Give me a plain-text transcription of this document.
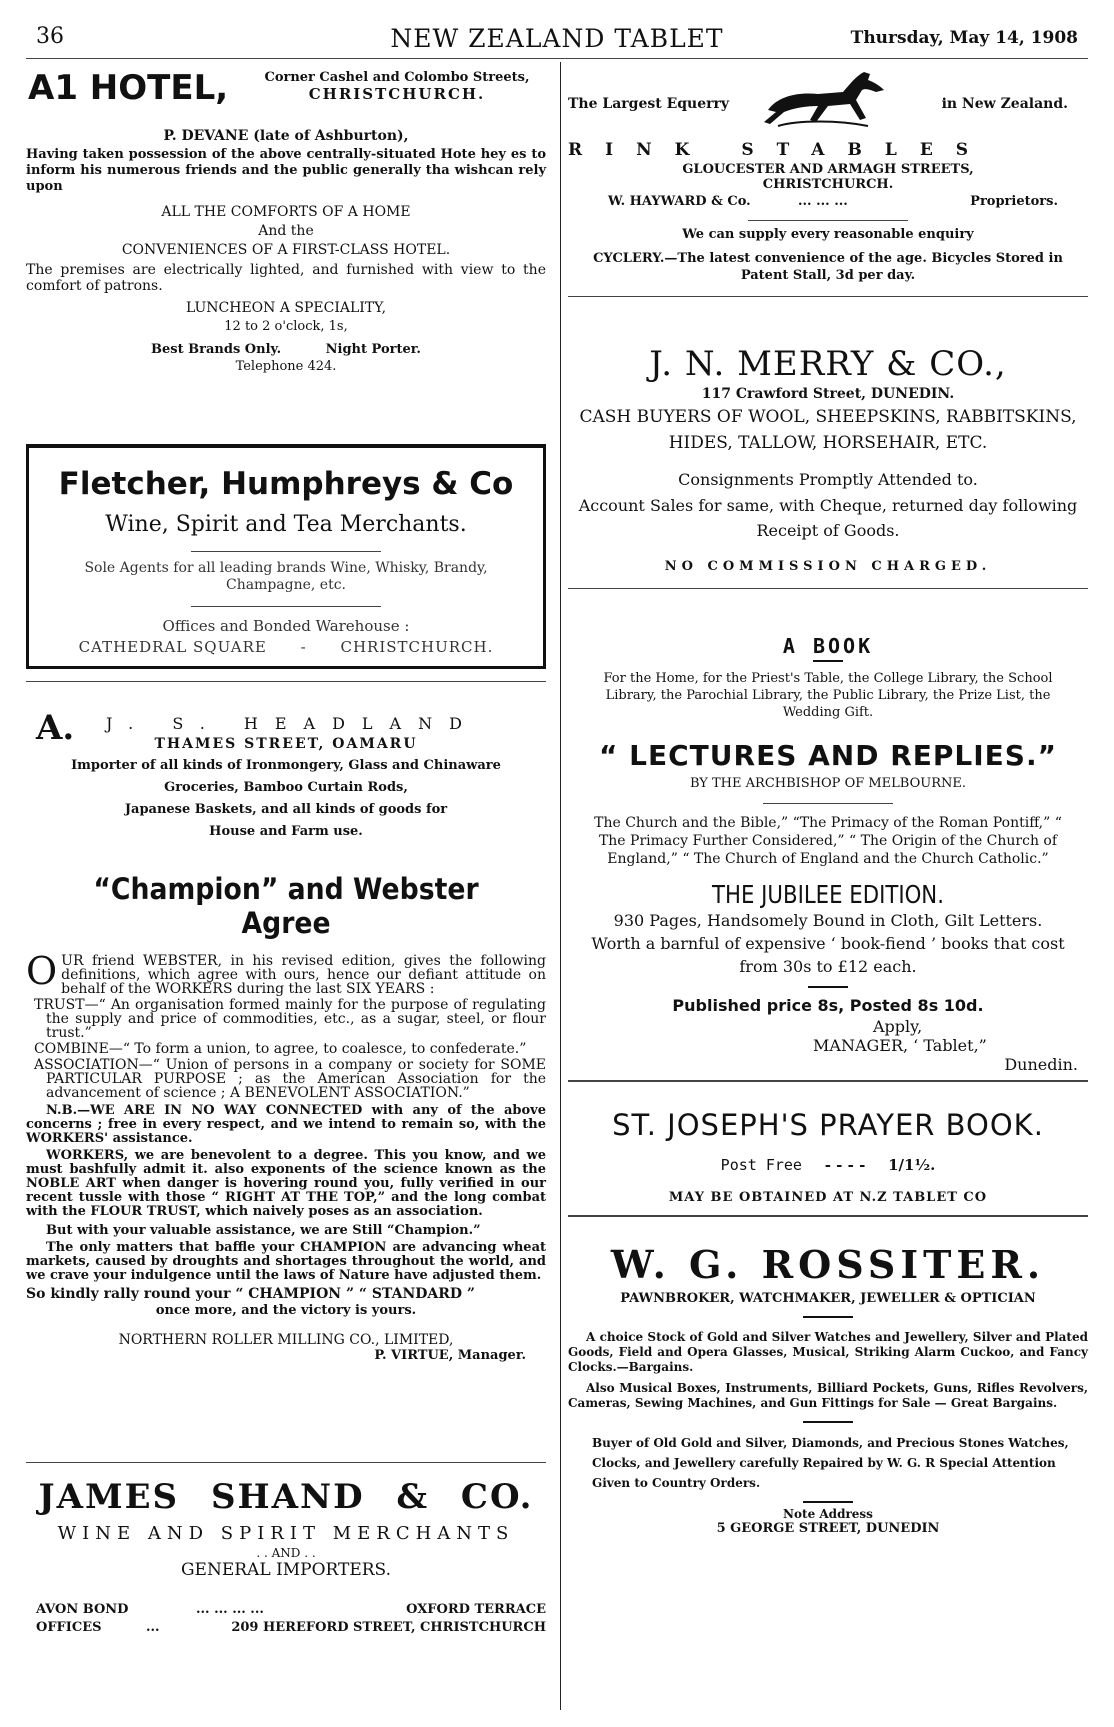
36	NEW ZEALAND TABLET	Thursday, May 14, 1908
A1 HOTEL,	Corner Cashel and Colombo Streets,
CHRISTCHURCH.
P. DEVANE (late of Ashburton),

Having taken possession of the above centrally-situated Hote hey es to inform his numerous friends and the public generally tha wishcan rely upon

ALL THE COMFORTS OF A HOME
And the
CONVENIENCES OF A FIRST-CLASS HOTEL.

The premises are electrically lighted, and furnished with view to the comfort of patrons.

LUNCHEON A SPECIALITY,
12 to 2 o'clock, 1s,
Best Brands Only.	Night Porter.
Telephone 424.
Fletcher, Humphreys & Co
Wine, Spirit and Tea Merchants.
Sole Agents for all leading brands Wine, Whisky, Brandy, Champagne, etc.
Offices and Bonded Warehouse :
CATHEDRAL SQUARE - CHRISTCHURCH.
A. J. S. HEADLAND
THAMES STREET, OAMARU
Importer of all kinds of Ironmongery, Glass and Chinaware
Groceries, Bamboo Curtain Rods,
Japanese Baskets, and all kinds of goods for
House and Farm use.
“Champion” and Webster Agree
O UR friend WEBSTER, in his revised edition, gives the following definitions, which agree with ours, hence our defiant attitude on behalf of the WORKERS during the last SIX YEARS :

TRUST—“ An organisation formed mainly for the purpose of regulating the supply and price of commodities, etc., as a sugar, steel, or flour trust.”

COMBINE—“ To form a union, to agree, to coalesce, to confederate.”

ASSOCIATION—“ Union of persons in a company or society for SOME PARTICULAR PURPOSE ; as the American Association for the advancement of science ; A BENEVOLENT ASSOCIATION.”

N.B.—WE ARE IN NO WAY CONNECTED with any of the above concerns ; free in every respect, and we intend to remain so, with the WORKERS' assistance.

WORKERS, we are benevolent to a degree. This you know, and we must bashfully admit it. also exponents of the science known as the NOBLE ART when danger is hovering round you, fully verified in our recent tussle with those “ RIGHT AT THE TOP,” and the long combat with the FLOUR TRUST, which naively poses as an association.

But with your valuable assistance, we are Still “Champion.”

The only matters that baffle your CHAMPION are advancing wheat markets, caused by droughts and shortages throughout the world, and we crave your indulgence until the laws of Nature have adjusted them.

So kindly rally round your “ CHAMPION ” “ STANDARD ”

once more, and the victory is yours.
NORTHERN ROLLER MILLING CO., LIMITED,
P. VIRTUE, Manager.
JAMES SHAND & CO.
WINE AND SPIRIT MERCHANTS
. . AND . .
GENERAL IMPORTERS.
AVON BOND	... ... ... ...	OXFORD TERRACE
OFFICES	...	209 HEREFORD STREET, CHRISTCHURCH
The Largest Equerry	in New Zealand.
RINK STABLES
GLOUCESTER AND ARMAGH STREETS,
CHRISTCHURCH.
W. HAYWARD & Co.	... ... ...	Proprietors.
We can supply every reasonable enquiry

CYCLERY.—The latest convenience of the age. Bicycles Stored in Patent Stall, 3d per day.

J. N. MERRY & CO.,
117 Crawford Street, DUNEDIN.
CASH BUYERS OF WOOL, SHEEPSKINS, RABBITSKINS, HIDES, TALLOW, HORSEHAIR, ETC.
Consignments Promptly Attended to.
Account Sales for same, with Cheque, returned day following Receipt of Goods.
NO COMMISSION CHARGED.
A BOOK
For the Home, for the Priest's Table, the College Library, the School Library, the Parochial Library, the Public Library, the Prize List, the Wedding Gift.
“ LECTURES AND REPLIES.”
BY THE ARCHBISHOP OF MELBOURNE.
The Church and the Bible,” “The Primacy of the Roman Pontiff,” “ The Primacy Further Considered,” “ The Origin of the Church of England,” “ The Church of England and the Church Catholic.”
THE JUBILEE EDITION.
930 Pages, Handsomely Bound in Cloth, Gilt Letters.
Worth a barnful of expensive ‘ book-fiend ’ books that cost from 30s to £12 each.
Published price 8s, Posted 8s 10d.
Apply,
MANAGER, ‘ Tablet,”
Dunedin.
ST. JOSEPH'S PRAYER BOOK.
Post Free - - - - 1/1½.
MAY BE OBTAINED AT N.Z TABLET CO
W. G. ROSSITER.
PAWNBROKER, WATCHMAKER, JEWELLER & OPTICIAN

A choice Stock of Gold and Silver Watches and Jewellery, Silver and Plated Goods, Field and Opera Glasses, Musical, Striking Alarm Cuckoo, and Fancy Clocks.—Bargains.

Also Musical Boxes, Instruments, Billiard Pockets, Guns, Rifles Revolvers, Cameras, Sewing Machines, and Gun Fittings for Sale — Great Bargains.

Buyer of Old Gold and Silver, Diamonds, and Precious Stones Watches, Clocks, and Jewellery carefully Repaired by W. G. R Special Attention Given to Country Orders.

Note Address
5 GEORGE STREET, DUNEDIN
